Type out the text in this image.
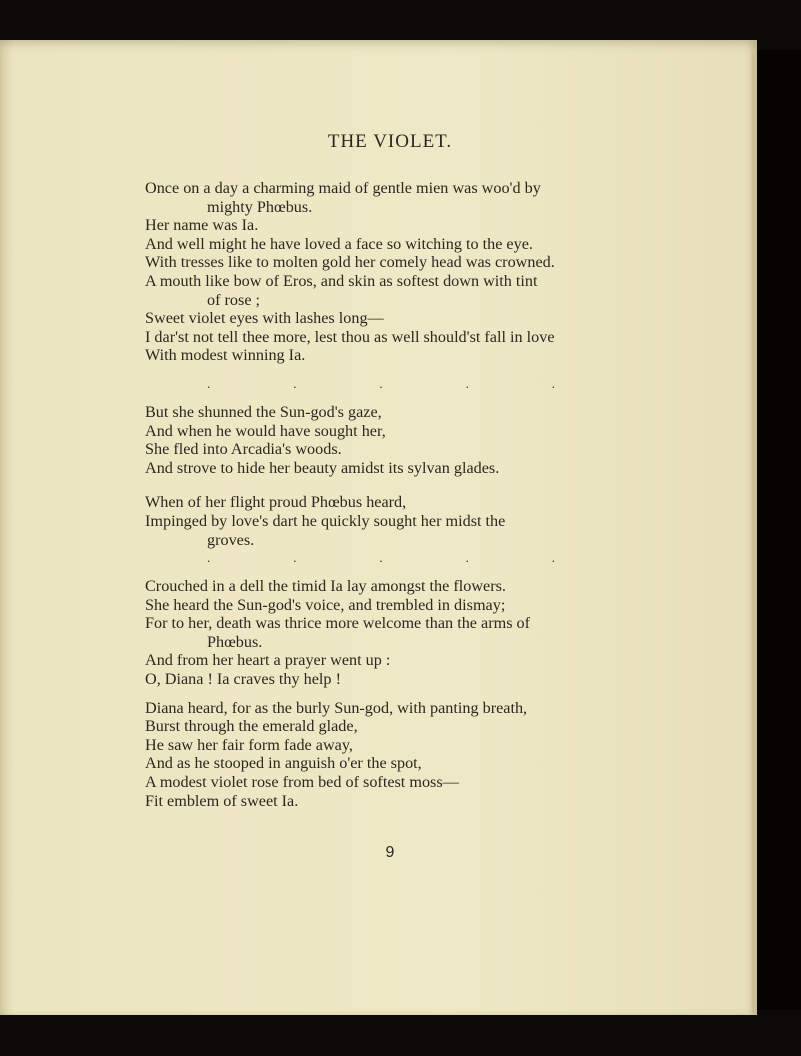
THE VIOLET.
Once on a day a charming maid of gentle mien was woo'd by
mighty Phœbus.
Her name was Ia.
And well might he have loved a face so witching to the eye.
With tresses like to molten gold her comely head was crowned.
A mouth like bow of Eros, and skin as softest down with tint
of rose ;
Sweet violet eyes with lashes long—
I dar'st not tell thee more, lest thou as well should'st fall in love
With modest winning Ia.
.	.	.	.	.
But she shunned the Sun-god's gaze,
And when he would have sought her,
She fled into Arcadia's woods.
And strove to hide her beauty amidst its sylvan glades.
When of her flight proud Phœbus heard,
Impinged by love's dart he quickly sought her midst the
groves.
.	.	.	.	.
Crouched in a dell the timid Ia lay amongst the flowers.
She heard the Sun-god's voice, and trembled in dismay;
For to her, death was thrice more welcome than the arms of
Phœbus.
And from her heart a prayer went up :
O, Diana ! Ia craves thy help !
Diana heard, for as the burly Sun-god, with panting breath,
Burst through the emerald glade,
He saw her fair form fade away,
And as he stooped in anguish o'er the spot,
A modest violet rose from bed of softest moss—
Fit emblem of sweet Ia.
9
